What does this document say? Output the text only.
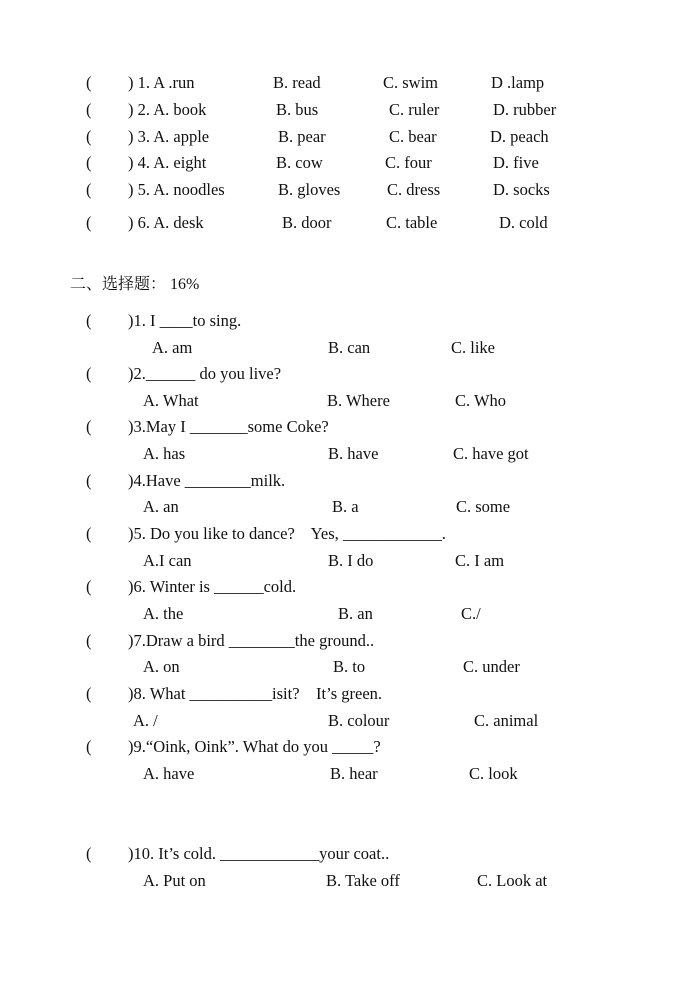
( ) 1. A .run	B. read	C. swim	D .lamp
( ) 2. A. book	B. bus	C. ruler	D. rubber
( ) 3. A. apple	B. pear	C. bear	D. peach
( ) 4. A. eight	B. cow	C. four	D. five
( ) 5. A. noodles	B. gloves	C. dress	D. socks
( ) 6. A. desk	B. door	C. table	D. cold
二、选择题： 16%
( )1. I ____to sing.
A. am	B. can	C. like
( )2.______ do you live?
A. What	B. Where	C. Who
( )3.May I _______some Coke?
A. has	B. have	C. have got
( )4.Have ________milk.
A. an	B. a	C. some
( )5. Do you like to dance?    Yes, ____________.
A.I can	B. I do	C. I am
( )6. Winter is ______cold.
A. the	B. an	C./
( )7.Draw a bird ________the ground..
A. on	B. to	C. under
( )8. What __________isit?    It’s green.
A. /	B. colour	C. animal
( )9.“Oink, Oink”. What do you _____?
A. have	B. hear	C. look
( )10. It’s cold. ____________your coat..
A. Put on	B. Take off	C. Look at
